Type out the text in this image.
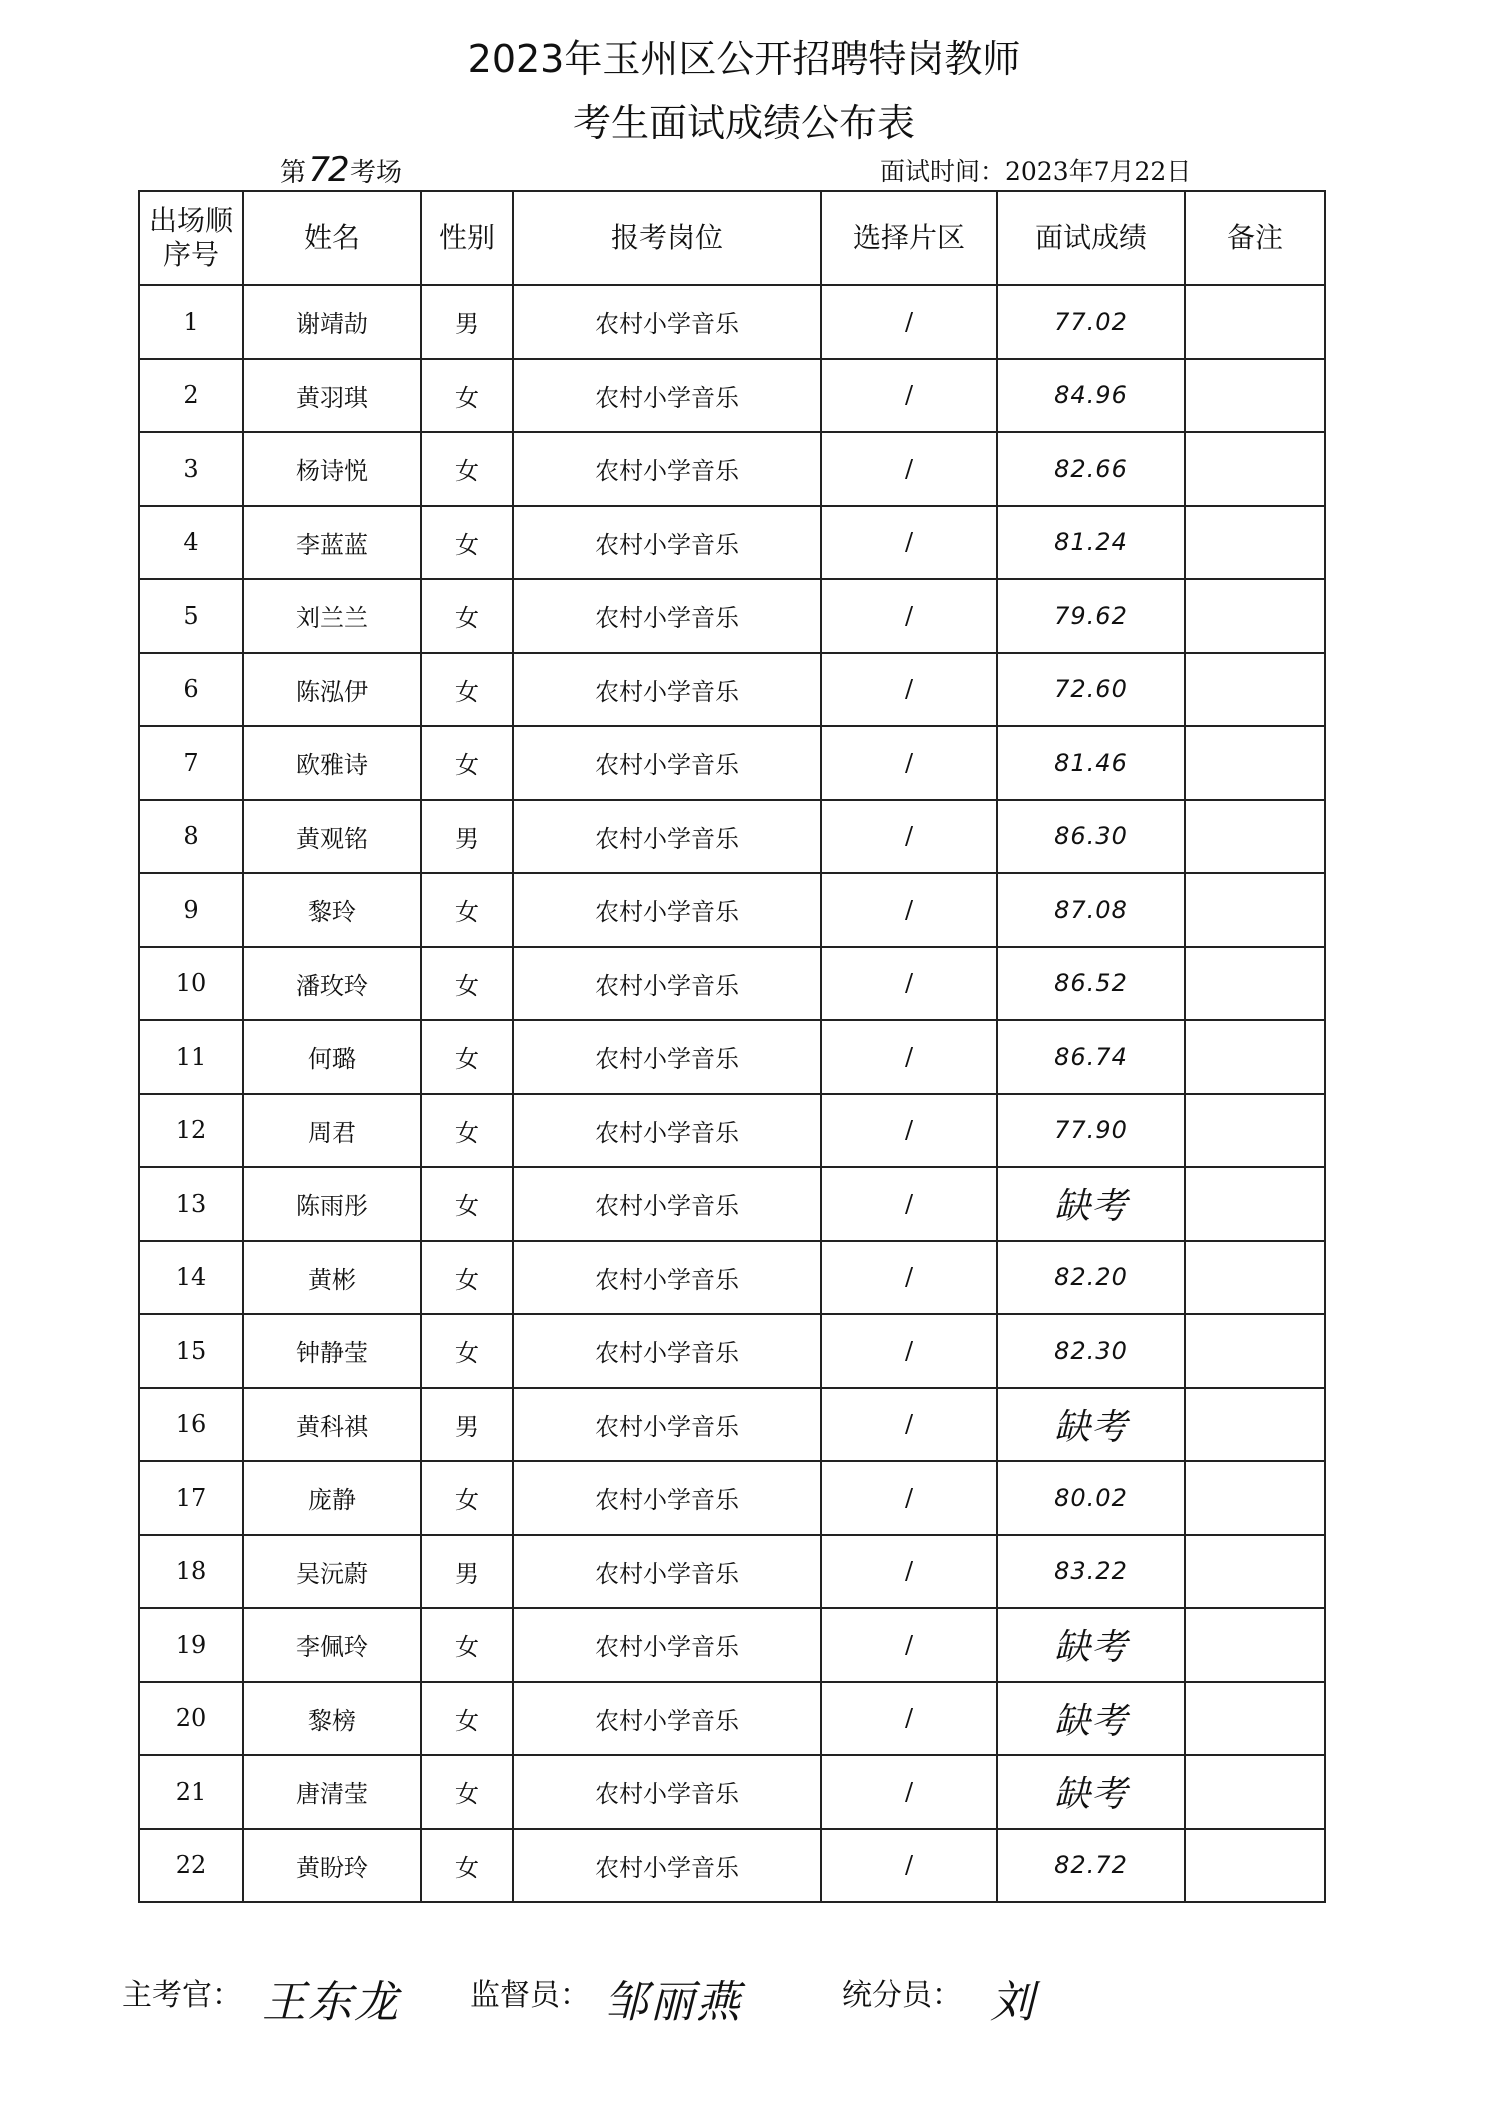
2023年玉州区公开招聘特岗教师
考生面试成绩公布表
第72考场	面试时间：2023年7月22日
出场顺
序号	姓名	性别	报考岗位	选择片区	面试成绩	备注
1	谢靖劼	男	农村小学音乐	/	77.02	
2	黄羽琪	女	农村小学音乐	/	84.96	
3	杨诗悦	女	农村小学音乐	/	82.66	
4	李蓝蓝	女	农村小学音乐	/	81.24	
5	刘兰兰	女	农村小学音乐	/	79.62	
6	陈泓伊	女	农村小学音乐	/	72.60	
7	欧雅诗	女	农村小学音乐	/	81.46	
8	黄观铭	男	农村小学音乐	/	86.30	
9	黎玲	女	农村小学音乐	/	87.08	
10	潘玫玲	女	农村小学音乐	/	86.52	
11	何璐	女	农村小学音乐	/	86.74	
12	周君	女	农村小学音乐	/	77.90	
13	陈雨彤	女	农村小学音乐	/	缺考	
14	黄彬	女	农村小学音乐	/	82.20	
15	钟静莹	女	农村小学音乐	/	82.30	
16	黄科祺	男	农村小学音乐	/	缺考	
17	庞静	女	农村小学音乐	/	80.02	
18	吴沅蔚	男	农村小学音乐	/	83.22	
19	李佩玲	女	农村小学音乐	/	缺考	
20	黎榜	女	农村小学音乐	/	缺考	
21	唐清莹	女	农村小学音乐	/	缺考	
22	黄盼玲	女	农村小学音乐	/	82.72	
主考官： 王东龙 监督员： 邹丽燕	统分员： 刘
